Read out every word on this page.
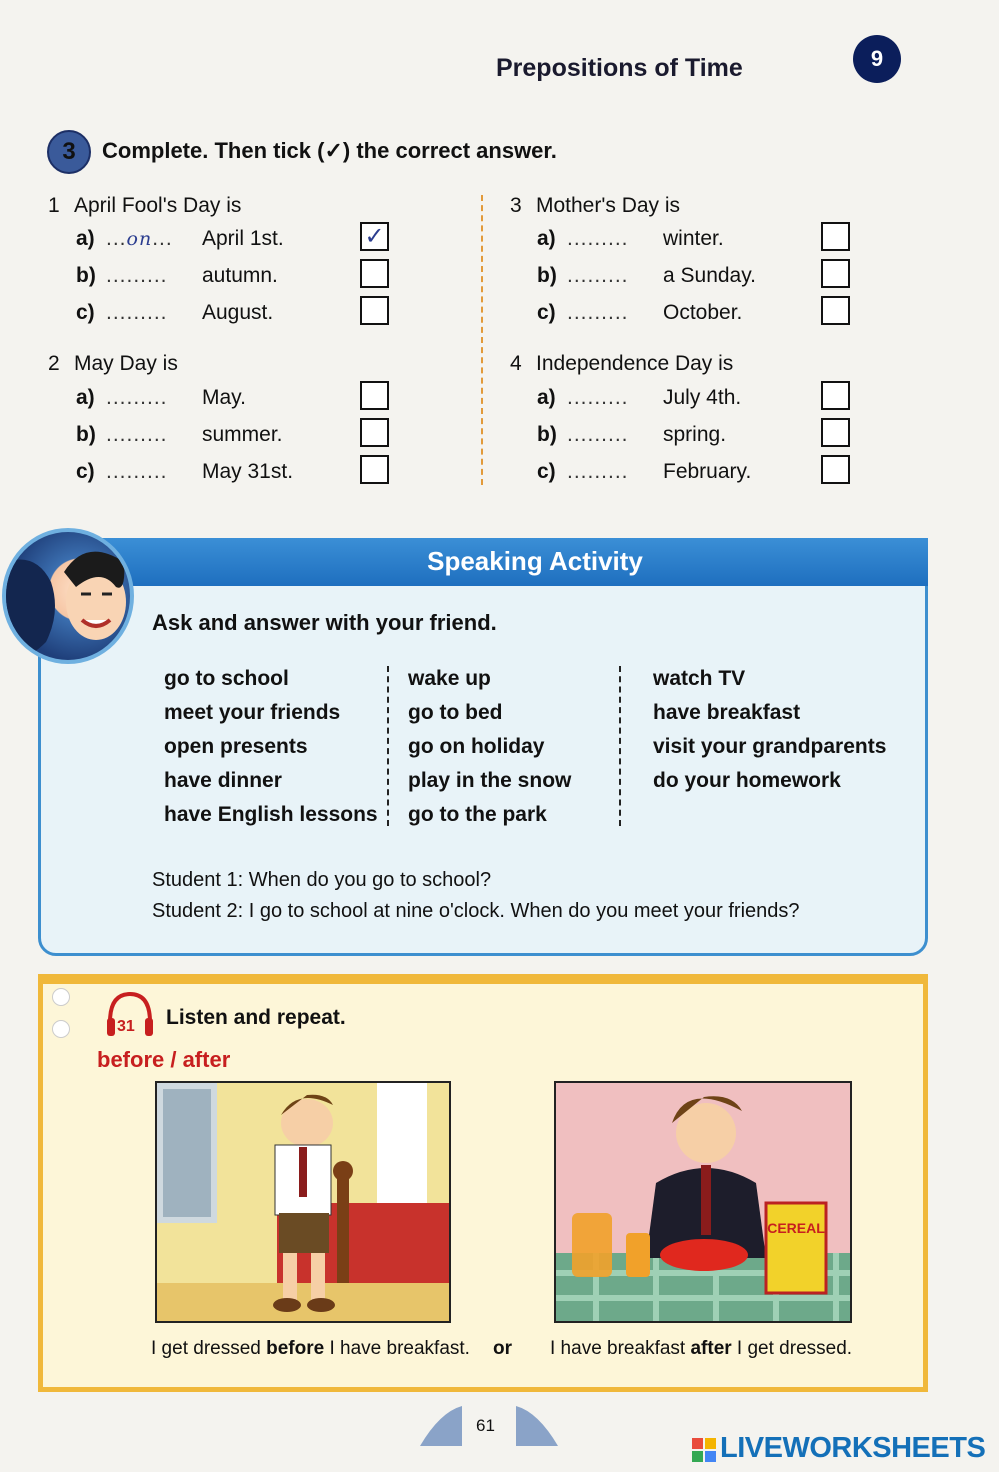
Prepositions of Time	9
3	Complete. Then tick (✓) the correct answer.
1 April Fool's Day is
a) ...on...	April 1st.
b) .........	autumn.
c) .........	August.
✓
2 May Day is
a) .........	May.
b) .........	summer.
c) .........	May 31st.
3 Mother's Day is
a) .........	winter.
b) .........	a Sunday.
c) .........	October.
4 Independence Day is
a) .........	July 4th.
b) .........	spring.
c) .........	February.
Speaking Activity
Ask and answer with your friend.
go to school
meet your friends
open presents
have dinner
have English lessons
wake up
go to bed
go on holiday
play in the snow
go to the park
watch TV
have breakfast
visit your grandparents
do your homework
Student 1: When do you go to school?
Student 2: I go to school at nine o'clock. When do you meet your friends?
31 Listen and repeat.
before / after
CEREAL
I get dressed before I have breakfast. or I have breakfast after I get dressed.
61
LIVEWORKSHEETS
